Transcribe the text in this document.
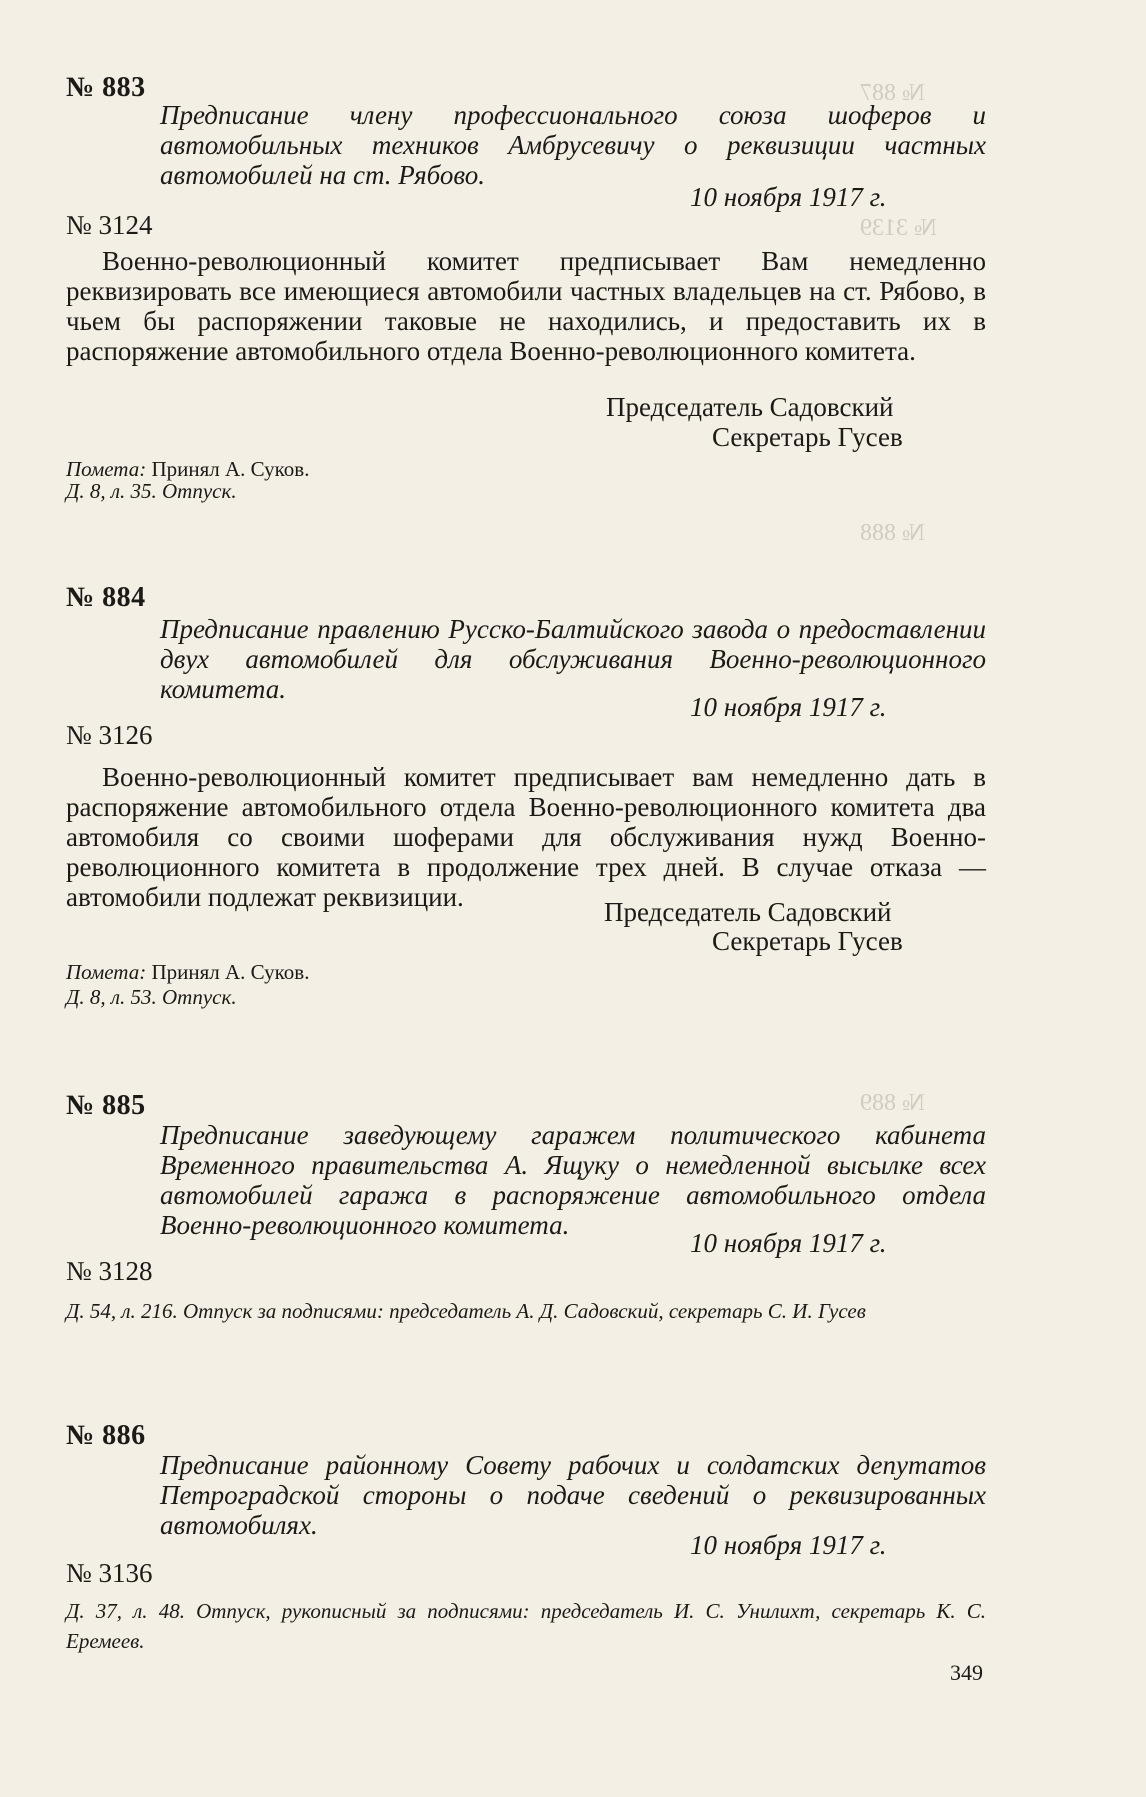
№ 887
№ 3139
№ 888
№ 889
№ 883
Предписание члену профессионального союза шоферов и автомобильных техников Амбрусевичу о реквизиции частных автомобилей на ст. Рябово.
10 ноября 1917 г.
№ 3124
Военно-революционный комитет предписывает Вам немедленно реквизировать все имеющиеся автомобили частных владельцев на ст. Рябово, в чьем бы распоряжении таковые не находились, и предоставить их в распоряжение автомобильного отдела Военно-революционного комитета.
Председатель Садовский
Секретарь Гусев
Помета: Принял А. Суков.
Д. 8, л. 35. Отпуск.
№ 884
Предписание правлению Русско-Балтийского завода о предоставлении двух автомобилей для обслуживания Военно-революционного комитета.
10 ноября 1917 г.
№ 3126
Военно-революционный комитет предписывает вам немедленно дать в распоряжение автомобильного отдела Военно-революционного комитета два автомобиля со своими шоферами для обслуживания нужд Военно-революционного комитета в продолжение трех дней. В случае отказа — автомобили подлежат реквизиции.	Председатель Садовский
Секретарь Гусев
Помета: Принял А. Суков.
Д. 8, л. 53. Отпуск.
№ 885
Предписание заведующему гаражем политического кабинета Временного правительства А. Ящуку о немедленной высылке всех автомобилей гаража в распоряжение автомобильного отдела Военно-революционного комитета.
10 ноября 1917 г.
№ 3128
Д. 54, л. 216. Отпуск за подписями: председатель А. Д. Садовский, секретарь С. И. Гусев
№ 886
Предписание районному Совету рабочих и солдатских депутатов Петроградской стороны о подаче сведений о реквизированных автомобилях.
10 ноября 1917 г.
№ 3136
Д. 37, л. 48. Отпуск, рукописный за подписями: председатель И. С. Унилихт, секретарь К. С. Еремеев.
349
